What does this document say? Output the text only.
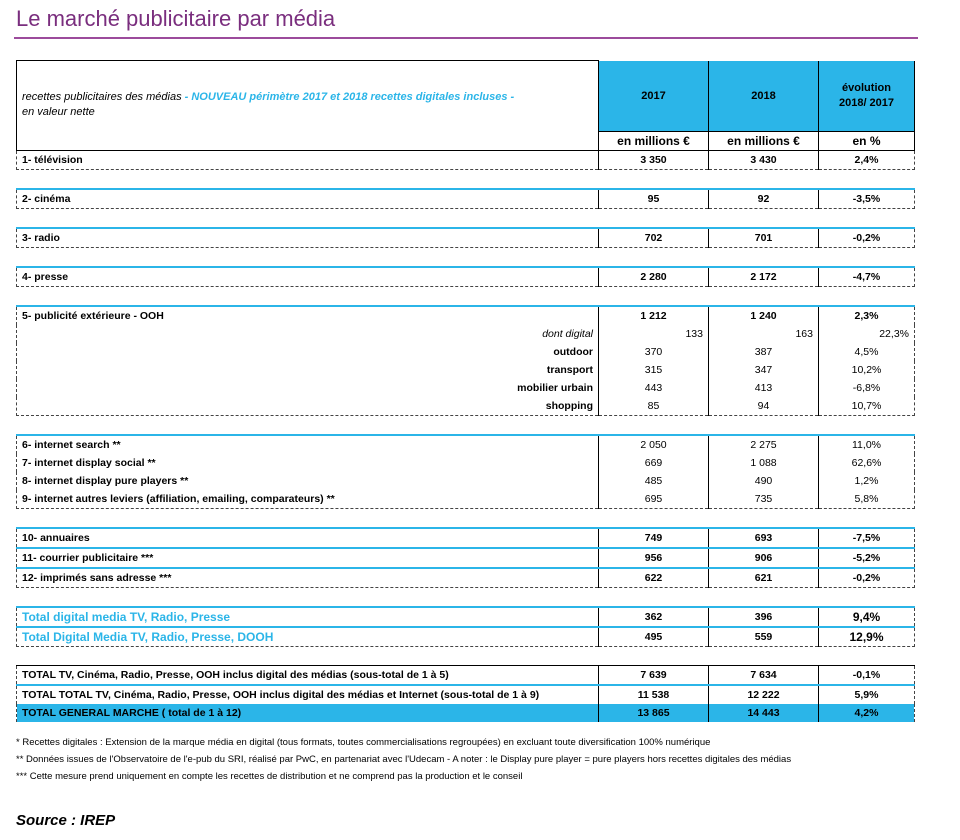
Le marché publicitaire par média
recettes publicitaires des médias - NOUVEAU périmètre 2017 et 2018 recettes digitales incluses -
en valeur nette	2017	2018	évolution 2018/ 2017
	en millions €	en millions €	en %
1- télévision	3 350	3 430	2,4%

2- cinéma	95	92	-3,5%

3- radio	702	701	-0,2%

4- presse	2 280	2 172	-4,7%

5- publicité extérieure - OOH	1 212	1 240	2,3%
dont digital	133	163	22,3%
outdoor	370	387	4,5%
transport	315	347	10,2%
mobilier urbain	443	413	-6,8%
shopping	85	94	10,7%

6- internet search **	2 050	2 275	11,0%
7- internet display social **	669	1 088	62,6%
8- internet display pure players **	485	490	1,2%
9- internet autres leviers (affiliation, emailing, comparateurs) **	695	735	5,8%

10- annuaires	749	693	-7,5%
11- courrier publicitaire ***	956	906	-5,2%
12- imprimés sans adresse ***	622	621	-0,2%

Total digital media TV, Radio, Presse	362	396	9,4%
Total Digital Media TV, Radio, Presse, DOOH	495	559	12,9%

TOTAL TV, Cinéma, Radio, Presse, OOH inclus digital des médias (sous-total de 1 à 5)	7 639	7 634	-0,1%
TOTAL TOTAL TV, Cinéma, Radio, Presse, OOH inclus digital des médias et Internet (sous-total de 1 à 9)	11 538	12 222	5,9%
TOTAL GENERAL MARCHE ( total de 1 à 12)	13 865	14 443	4,2%
* Recettes digitales : Extension de la marque média en digital (tous formats, toutes commercialisations regroupées) en excluant toute diversification 100% numérique
** Données issues de l'Observatoire de l'e-pub du SRI, réalisé par PwC, en partenariat avec l'Udecam - A noter : le Display pure player = pure players hors recettes digitales des médias
*** Cette mesure prend uniquement en compte les recettes de distribution et ne comprend pas la production et le conseil
Source : IREP
